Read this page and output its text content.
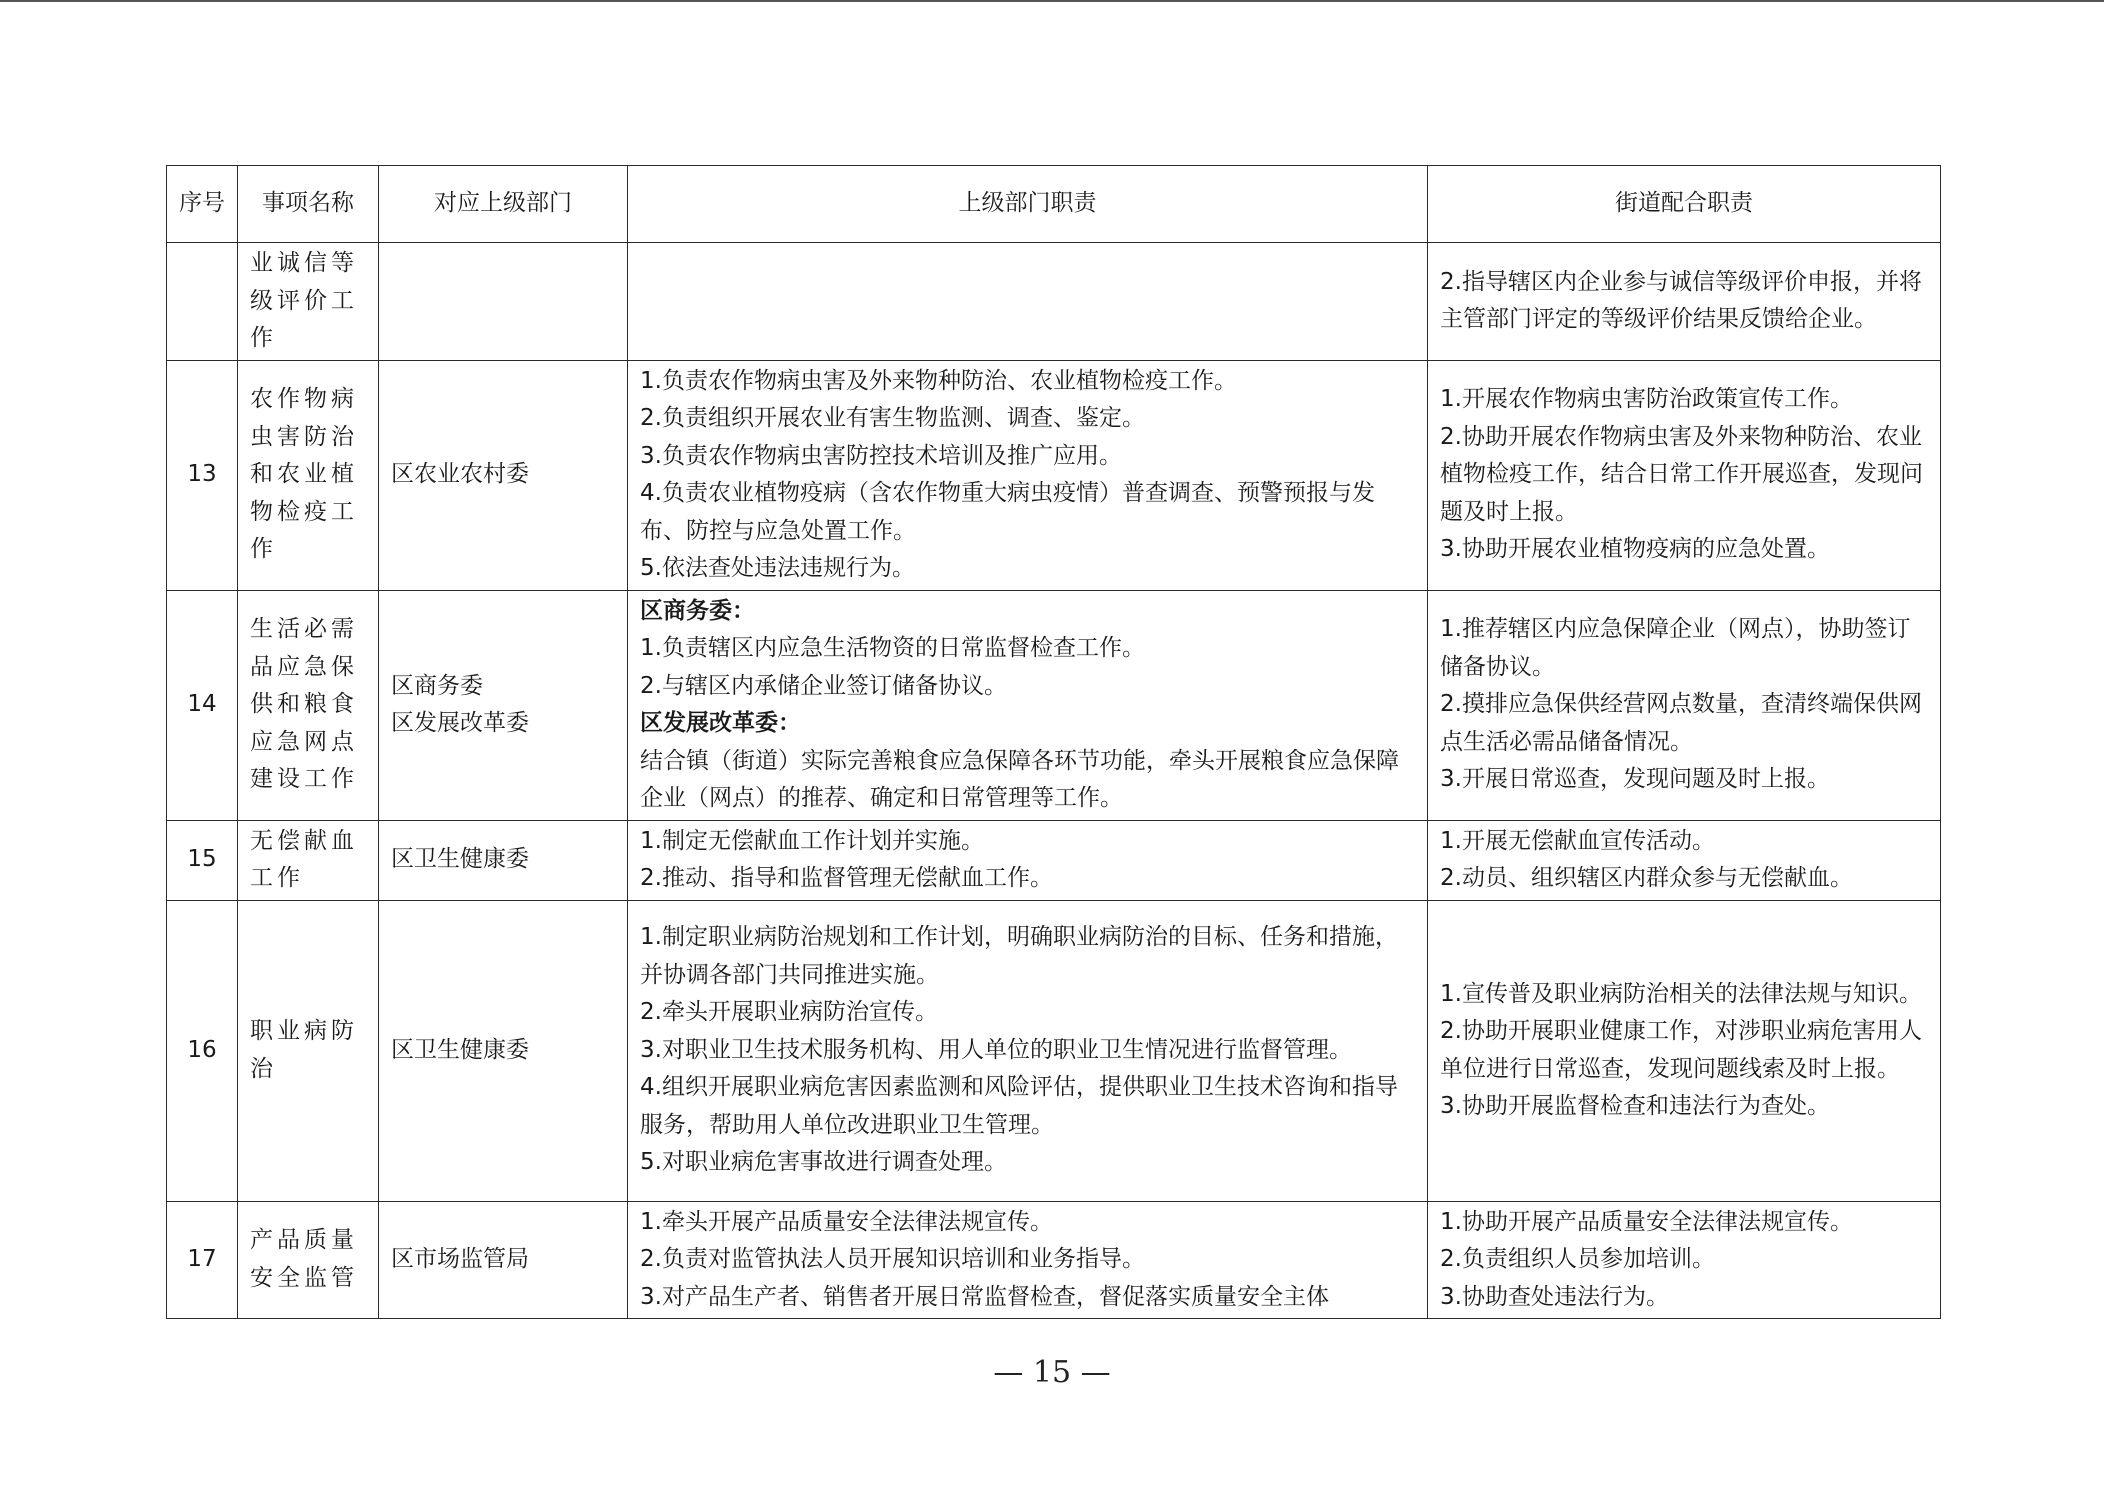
序号	事项名称	对应上级部门	上级部门职责	街道配合职责
	业诚信等级评价工作			2.指导辖区内企业参与诚信等级评价申报，并将主管部门评定的等级评价结果反馈给企业。

13	农作物病虫害防治和农业植物检疫工作	区农业农村委	1.负责农作物病虫害及外来物种防治、农业植物检疫工作。
2.负责组织开展农业有害生物监测、调查、鉴定。
3.负责农作物病虫害防控技术培训及推广应用。
4.负责农业植物疫病（含农作物重大病虫疫情）普查调查、预警预报与发布、防控与应急处置工作。
5.依法查处违法违规行为。	1.开展农作物病虫害防治政策宣传工作。
2.协助开展农作物病虫害及外来物种防治、农业植物检疫工作，结合日常工作开展巡查，发现问题及时上报。
3.协助开展农业植物疫病的应急处置。

14	生活必需品应急保供和粮食应急网点建设工作	区商务委
区发展改革委	区商务委：
1.负责辖区内应急生活物资的日常监督检查工作。
2.与辖区内承储企业签订储备协议。
区发展改革委：
结合镇（街道）实际完善粮食应急保障各环节功能，牵头开展粮食应急保障企业（网点）的推荐、确定和日常管理等工作。	1.推荐辖区内应急保障企业（网点），协助签订储备协议。
2.摸排应急保供经营网点数量，查清终端保供网点生活必需品储备情况。
3.开展日常巡查，发现问题及时上报。

15	无偿献血工作	区卫生健康委	1.制定无偿献血工作计划并实施。
2.推动、指导和监督管理无偿献血工作。	1.开展无偿献血宣传活动。
2.动员、组织辖区内群众参与无偿献血。

16	职业病防治	区卫生健康委	1.制定职业病防治规划和工作计划，明确职业病防治的目标、任务和措施，并协调各部门共同推进实施。
2.牵头开展职业病防治宣传。
3.对职业卫生技术服务机构、用人单位的职业卫生情况进行监督管理。
4.组织开展职业病危害因素监测和风险评估，提供职业卫生技术咨询和指导服务，帮助用人单位改进职业卫生管理。
5.对职业病危害事故进行调查处理。	1.宣传普及职业病防治相关的法律法规与知识。
2.协助开展职业健康工作，对涉职业病危害用人单位进行日常巡查，发现问题线索及时上报。
3.协助开展监督检查和违法行为查处。

17	产品质量安全监管	区市场监管局	1.牵头开展产品质量安全法律法规宣传。
2.负责对监管执法人员开展知识培训和业务指导。
3.对产品生产者、销售者开展日常监督检查，督促落实质量安全主体	1.协助开展产品质量安全法律法规宣传。
2.负责组织人员参加培训。
3.协助查处违法行为。
— 15 —
